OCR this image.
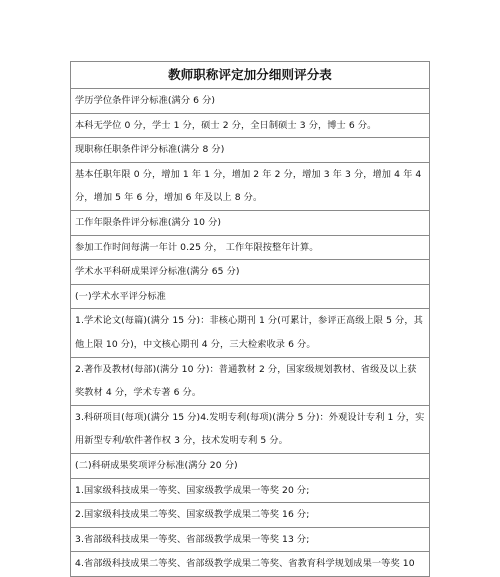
教师职称评定加分细则评分表
学历学位条件评分标准(满分 6 分)
本科无学位 0 分，学士 1 分，硕士 2 分，全日制硕士 3 分，博士 6 分。
现职称任职条件评分标准(满分 8 分)
基本任职年限 0 分，增加 1 年 1 分，增加 2 年 2 分，增加 3 年 3 分，增加 4 年 4 分，增加 5 年 6 分，增加 6 年及以上 8 分。
工作年限条件评分标准(满分 10 分)
参加工作时间每满一年计 0.25 分， 工作年限按整年计算。
学术水平科研成果评分标准(满分 65 分)
(一)学术水平评分标准
1.学术论文(每篇)(满分 15 分)：非核心期刊 1 分(可累计，参评正高级上限 5 分，其他上限 10 分)，中文核心期刊 4 分，三大检索收录 6 分。
2.著作及教材(每部)(满分 10 分)：普通教材 2 分，国家级规划教材、省级及以上获奖教材 4 分，学术专著 6 分。
3.科研项目(每项)(满分 15 分)4.发明专利(每项)(满分 5 分)：外观设计专利 1 分，实用新型专利/软件著作权 3 分，技术发明专利 5 分。
(二)科研成果奖项评分标准(满分 20 分)
1.国家级科技成果一等奖、国家级教学成果一等奖 20 分;
2.国家级科技成果二等奖、国家级教学成果二等奖 16 分;
3.省部级科技成果一等奖、省部级教学成果一等奖 13 分;
4.省部级科技成果二等奖、省部级教学成果二等奖、省教育科学规划成果一等奖 10
